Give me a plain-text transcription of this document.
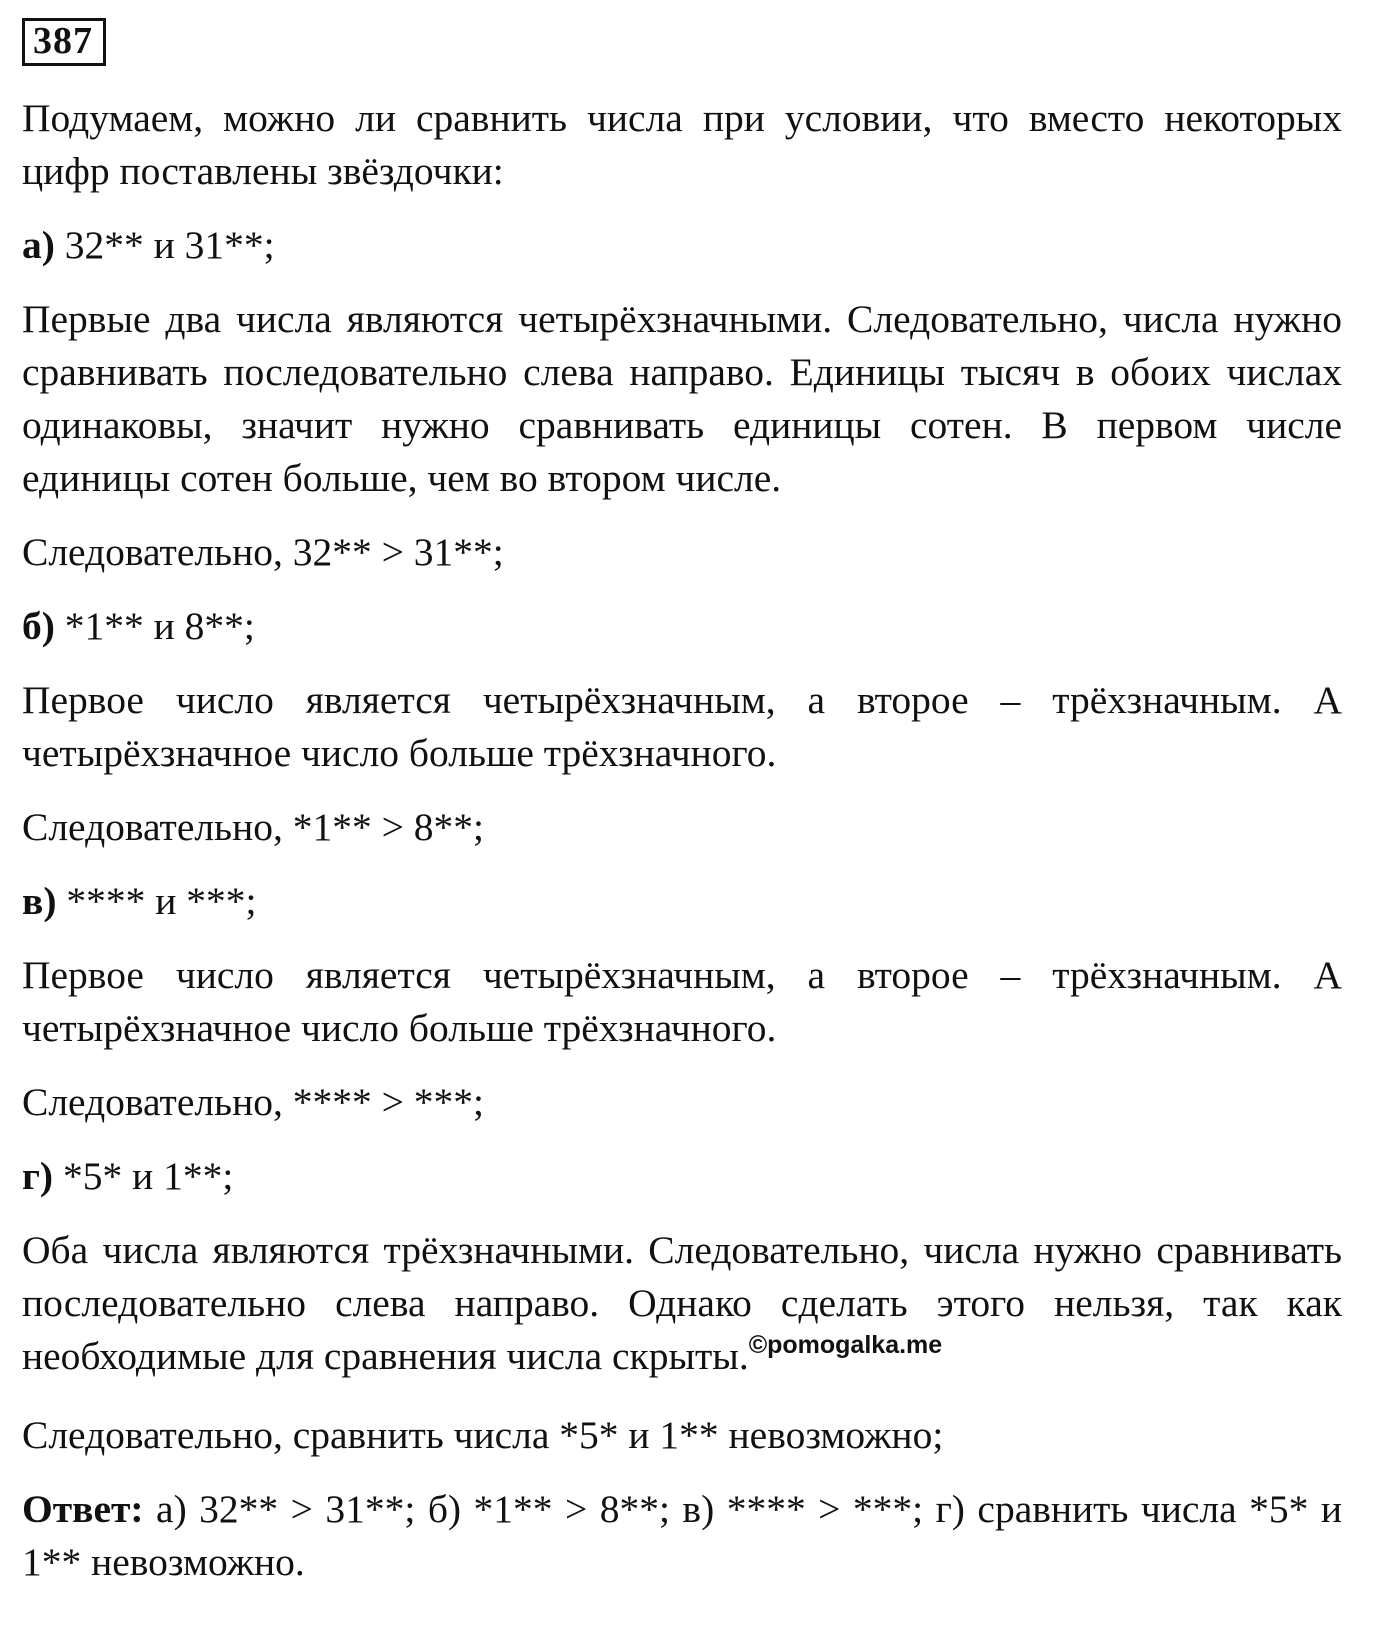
387

Подумаем, можно ли сравнить числа при условии, что вместо некоторых цифр поставлены звёздочки:

а) 32** и 31**;

Первые два числа являются четырёхзначными. Следовательно, числа нужно сравнивать последовательно слева направо. Единицы тысяч в обоих числах одинаковы, значит нужно сравнивать единицы сотен. В первом числе единицы сотен больше, чем во втором числе.

Следовательно, 32** > 31**;

б) *1** и 8**;

Первое число является четырёхзначным, а второе – трёхзначным. А четырёхзначное число больше трёхзначного.

Следовательно, *1** > 8**;

в) **** и ***;

Первое число является четырёхзначным, а второе – трёхзначным. А четырёхзначное число больше трёхзначного.

Следовательно, **** > ***;

г) *5* и 1**;

Оба числа являются трёхзначными. Следовательно, числа нужно сравнивать последовательно слева направо. Однако сделать этого нельзя, так как необходимые для сравнения числа скрыты.$^{©pomogalka.me}$

Следовательно, сравнить числа *5* и 1** невозможно;

Ответ: а) 32** > 31**; б) *1** > 8**; в) **** > ***; г) сравнить числа *5* и 1** невозможно.
